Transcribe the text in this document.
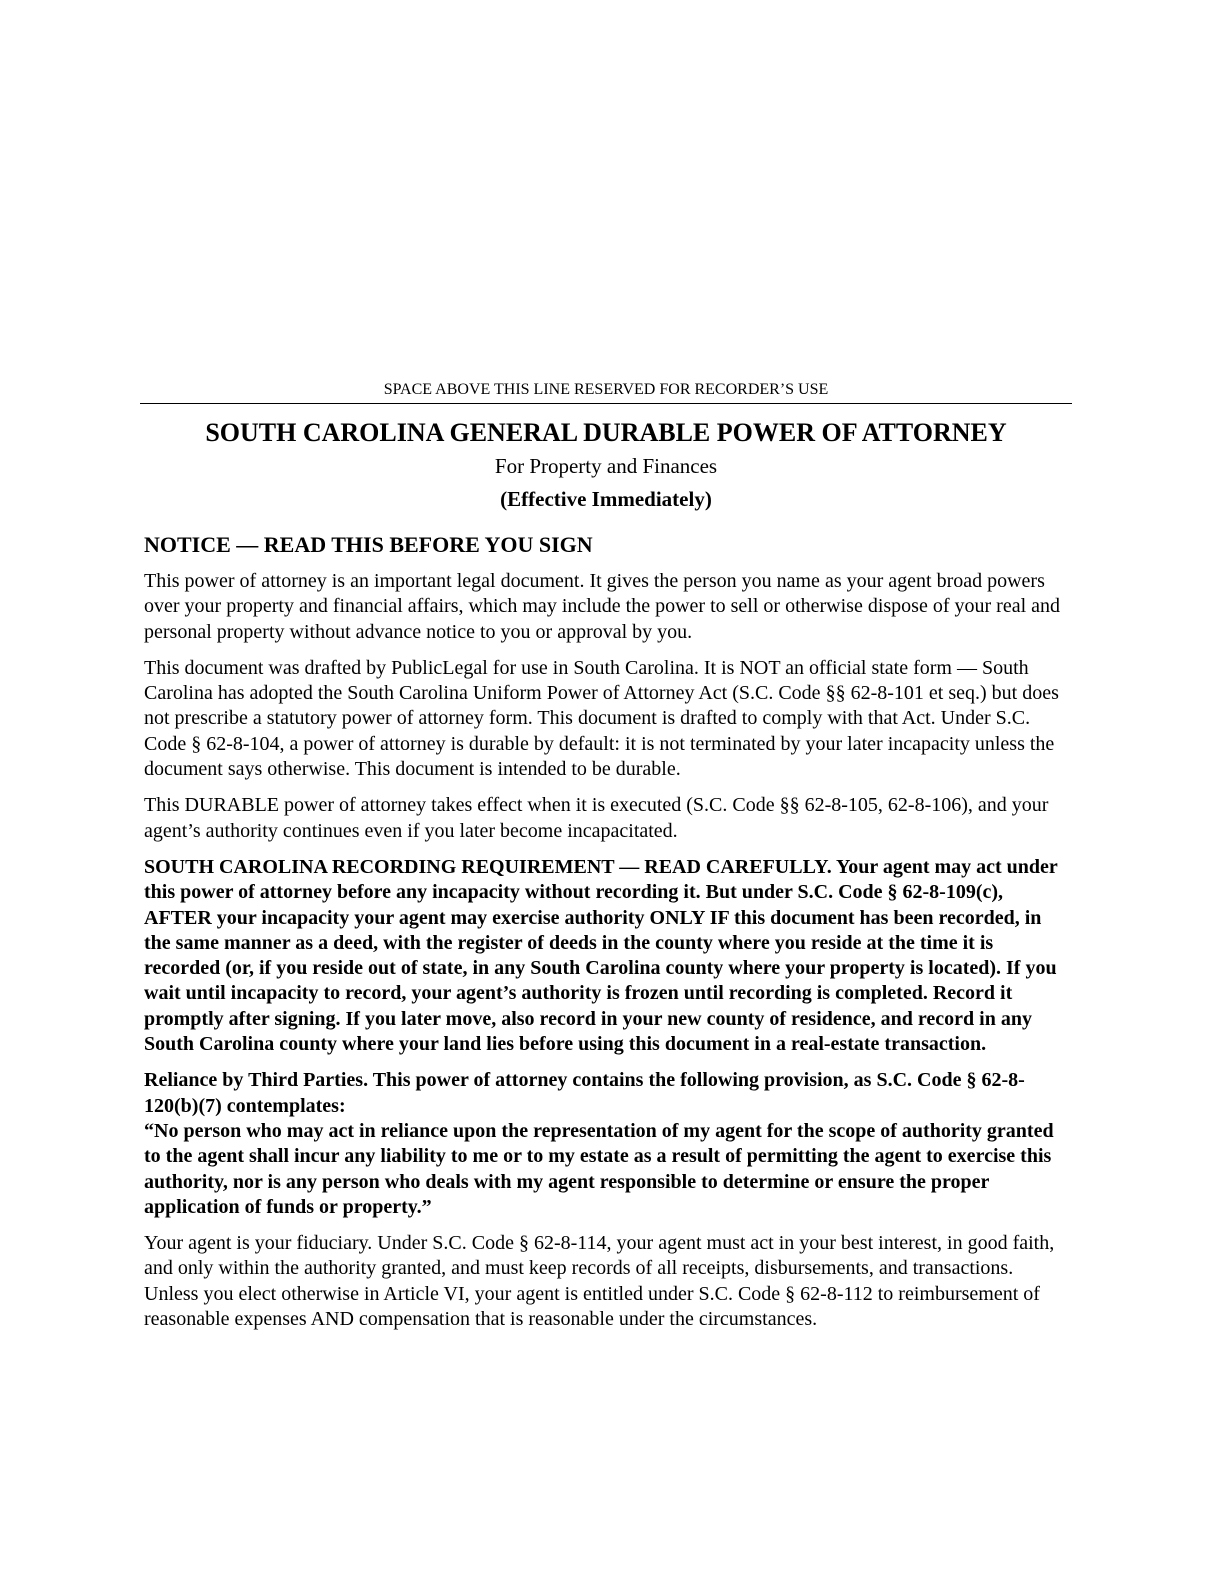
SPACE ABOVE THIS LINE RESERVED FOR RECORDER’S USE
SOUTH CAROLINA GENERAL DURABLE POWER OF ATTORNEY
For Property and Finances
(Effective Immediately)
NOTICE — READ THIS BEFORE YOU SIGN

This power of attorney is an important legal document. It gives the person you name as your agent broad powers over your property and financial affairs, which may include the power to sell or otherwise dispose of your real and personal property without advance notice to you or approval by you.

This document was drafted by PublicLegal for use in South Carolina. It is NOT an official state form — South Carolina has adopted the South Carolina Uniform Power of Attorney Act (S.C. Code §§ 62-8-101 et seq.) but does not prescribe a statutory power of attorney form. This document is drafted to comply with that Act. Under S.C. Code § 62-8-104, a power of attorney is durable by default: it is not terminated by your later incapacity unless the document says otherwise. This document is intended to be durable.

This DURABLE power of attorney takes effect when it is executed (S.C. Code §§ 62-8-105, 62-8-106), and your agent’s authority continues even if you later become incapacitated.

SOUTH CAROLINA RECORDING REQUIREMENT — READ CAREFULLY. Your agent may act under this power of attorney before any incapacity without recording it. But under S.C. Code § 62-8-109(c), AFTER your incapacity your agent may exercise authority ONLY IF this document has been recorded, in the same manner as a deed, with the register of deeds in the county where you reside at the time it is recorded (or, if you reside out of state, in any South Carolina county where your property is located). If you wait until incapacity to record, your agent’s authority is frozen until recording is completed. Record it promptly after signing. If you later move, also record in your new county of residence, and record in any South Carolina county where your land lies before using this document in a real-estate transaction.

Reliance by Third Parties. This power of attorney contains the following provision, as S.C. Code § 62-8-120(b)(7) contemplates:

“No person who may act in reliance upon the representation of my agent for the scope of authority granted to the agent shall incur any liability to me or to my estate as a result of permitting the agent to exercise this authority, nor is any person who deals with my agent responsible to determine or ensure the proper application of funds or property.”

Your agent is your fiduciary. Under S.C. Code § 62-8-114, your agent must act in your best interest, in good faith, and only within the authority granted, and must keep records of all receipts, disbursements, and transactions. Unless you elect otherwise in Article VI, your agent is entitled under S.C. Code § 62-8-112 to reimbursement of reasonable expenses AND compensation that is reasonable under the circumstances.
